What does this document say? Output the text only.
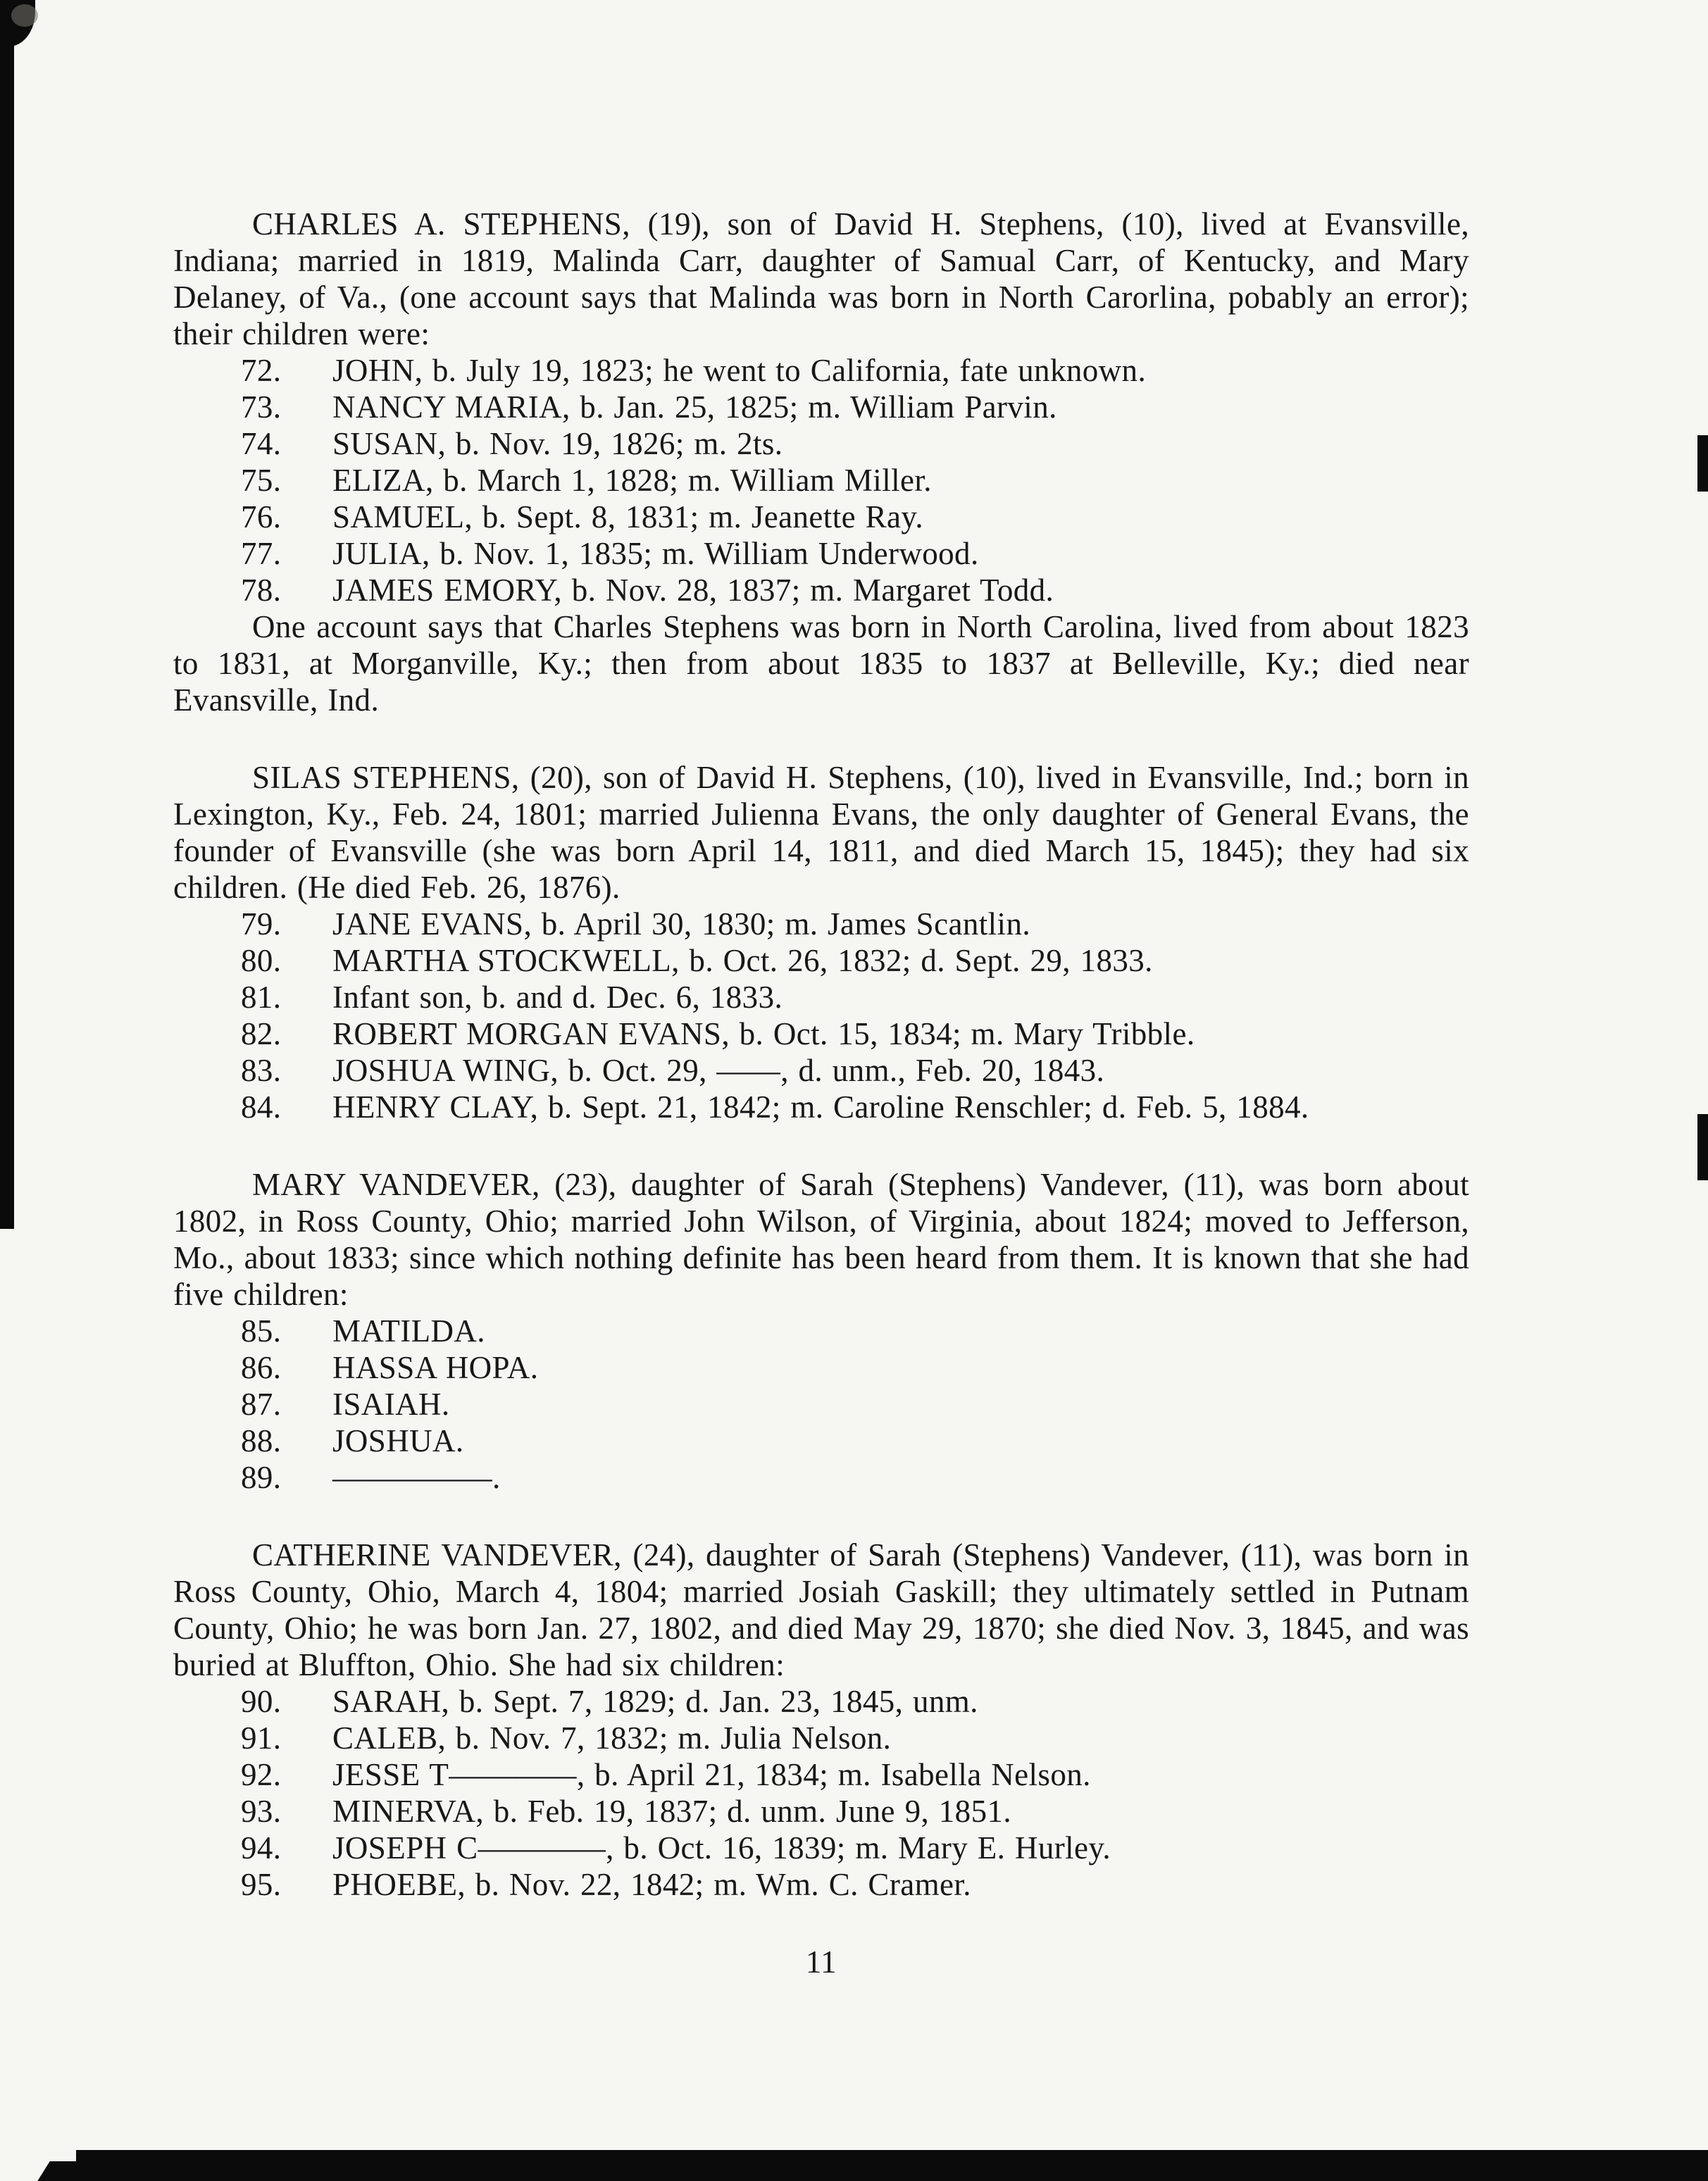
CHARLES A. STEPHENS, (19), son of David H. Stephens, (10), lived at Evansville, Indiana; married in 1819, Malinda Carr, daughter of Samual Carr, of Kentucky, and Mary Delaney, of Va., (one account says that Malinda was born in North Carorlina, pobably an error); their children were:

72.	JOHN, b. July 19, 1823; he went to California, fate unknown.
73.	NANCY MARIA, b. Jan. 25, 1825; m. William Parvin.
74.	SUSAN, b. Nov. 19, 1826; m. 2ts.
75.	ELIZA, b. March 1, 1828; m. William Miller.
76.	SAMUEL, b. Sept. 8, 1831; m. Jeanette Ray.
77.	JULIA, b. Nov. 1, 1835; m. William Underwood.
78.	JAMES EMORY, b. Nov. 28, 1837; m. Margaret Todd.

One account says that Charles Stephens was born in North Carolina, lived from about 1823 to 1831, at Morganville, Ky.; then from about 1835 to 1837 at Belleville, Ky.; died near Evansville, Ind.

SILAS STEPHENS, (20), son of David H. Stephens, (10), lived in Evansville, Ind.; born in Lexington, Ky., Feb. 24, 1801; married Julienna Evans, the only daughter of General Evans, the founder of Evansville (she was born April 14, 1811, and died March 15, 1845); they had six children. (He died Feb. 26, 1876).

79.	JANE EVANS, b. April 30, 1830; m. James Scantlin.
80.	MARTHA STOCKWELL, b. Oct. 26, 1832; d. Sept. 29, 1833.
81.	Infant son, b. and d. Dec. 6, 1833.
82.	ROBERT MORGAN EVANS, b. Oct. 15, 1834; m. Mary Tribble.
83.	JOSHUA WING, b. Oct. 29, ——, d. unm., Feb. 20, 1843.
84.	HENRY CLAY, b. Sept. 21, 1842; m. Caroline Renschler; d. Feb. 5, 1884.

MARY VANDEVER, (23), daughter of Sarah (Stephens) Vandever, (11), was born about 1802, in Ross County, Ohio; married John Wilson, of Virginia, about 1824; moved to Jefferson, Mo., about 1833; since which nothing definite has been heard from them. It is known that she had five children:

85.	MATILDA.
86.	HASSA HOPA.
87.	ISAIAH.
88.	JOSHUA.
89.	—————.

CATHERINE VANDEVER, (24), daughter of Sarah (Stephens) Vandever, (11), was born in Ross County, Ohio, March 4, 1804; married Josiah Gaskill; they ultimately settled in Putnam County, Ohio; he was born Jan. 27, 1802, and died May 29, 1870; she died Nov. 3, 1845, and was buried at Bluffton, Ohio. She had six children:

90.	SARAH, b. Sept. 7, 1829; d. Jan. 23, 1845, unm.
91.	CALEB, b. Nov. 7, 1832; m. Julia Nelson.
92.	JESSE T————, b. April 21, 1834; m. Isabella Nelson.
93.	MINERVA, b. Feb. 19, 1837; d. unm. June 9, 1851.
94.	JOSEPH C————, b. Oct. 16, 1839; m. Mary E. Hurley.
95.	PHOEBE, b. Nov. 22, 1842; m. Wm. C. Cramer.
11
